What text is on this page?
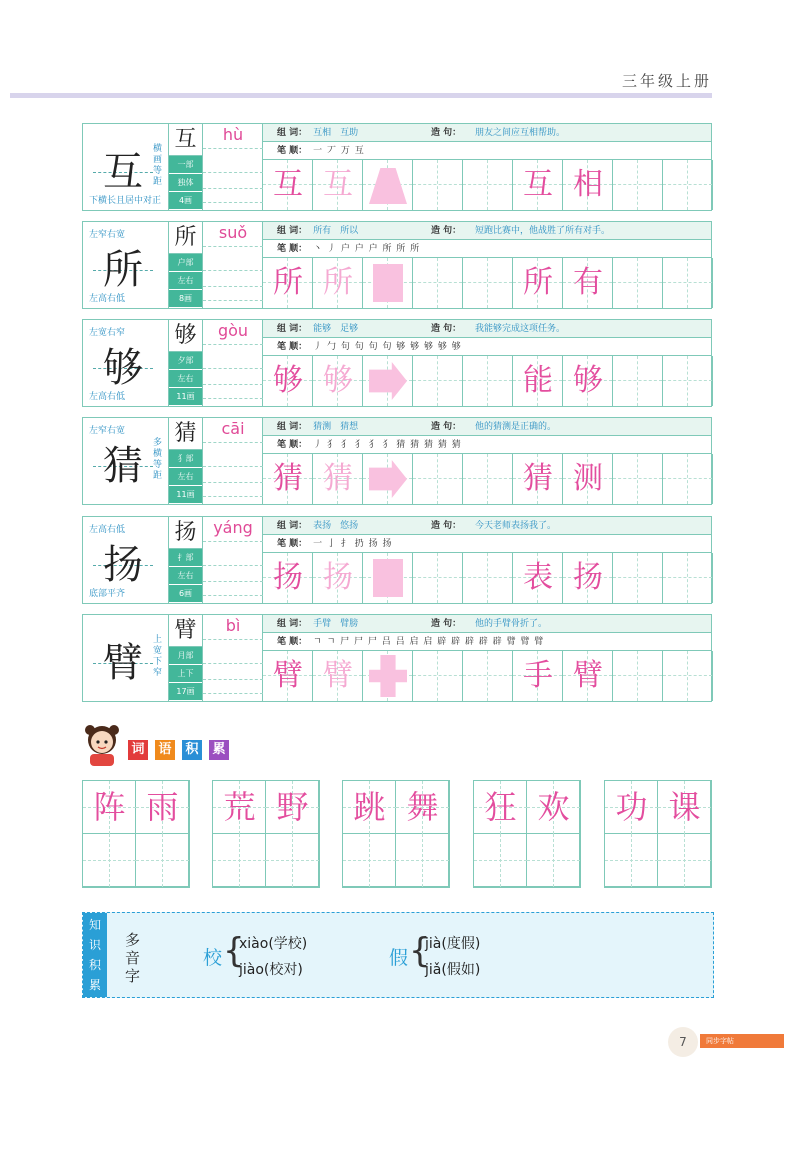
三年级上册
互	横画等距
下横长且居中对正
互
一部
独体
4画
hù	组 词： 互相　互助	造 句： 朋友之间应互相帮助。
笔 顺： 一 丆 万 互
互 互	互 相
所
左窄右宽
左高右低
所
户部
左右
8画
suǒ	组 词： 所有　所以	造 句： 短跑比赛中，他战胜了所有对手。
笔 顺： 丶 丿 户 户 户 所 所 所
所 所	所 有
够
左宽右窄
左高右低
够
夕部
左右
11画
gòu	组 词： 能够　足够	造 句： 我能够完成这项任务。
笔 顺： 丿 勹 句 句 句 句 够 够 够 够 够
够 够	能 够
猜
左窄右宽
多横等距
猜
犭部
左右
11画
cāi	组 词： 猜测　猜想	造 句： 他的猜测是正确的。
笔 顺： 丿 犭 犭 犭 犭 犭 猜 猜 猜 猜 猜
猜 猜	猜 测
扬
左高右低
底部平齐
扬
扌部
左右
6画
yáng	组 词： 表扬　悠扬	造 句： 今天老师表扬我了。
笔 顺： 一 亅 扌 扔 扬 扬
扬 扬	表 扬
臂	上宽下窄
臂
月部
上下
17画
bì	组 词： 手臂　臂膀	造 句： 他的手臂骨折了。
笔 顺： ㄱ ㄱ 尸 尸 尸 吕 吕 启 启 辟 辟 辟 辟 辟 臂 臂 臂
臂 臂	手 臂
词 语 积 累
阵 雨	荒 野	跳 舞	狂 欢	功 课
知
识
积
累
多音字
校 {
xiào(学校)
jiào(校对)
假 {
jià(度假)
jiǎ(假如)
7	同步字帖
